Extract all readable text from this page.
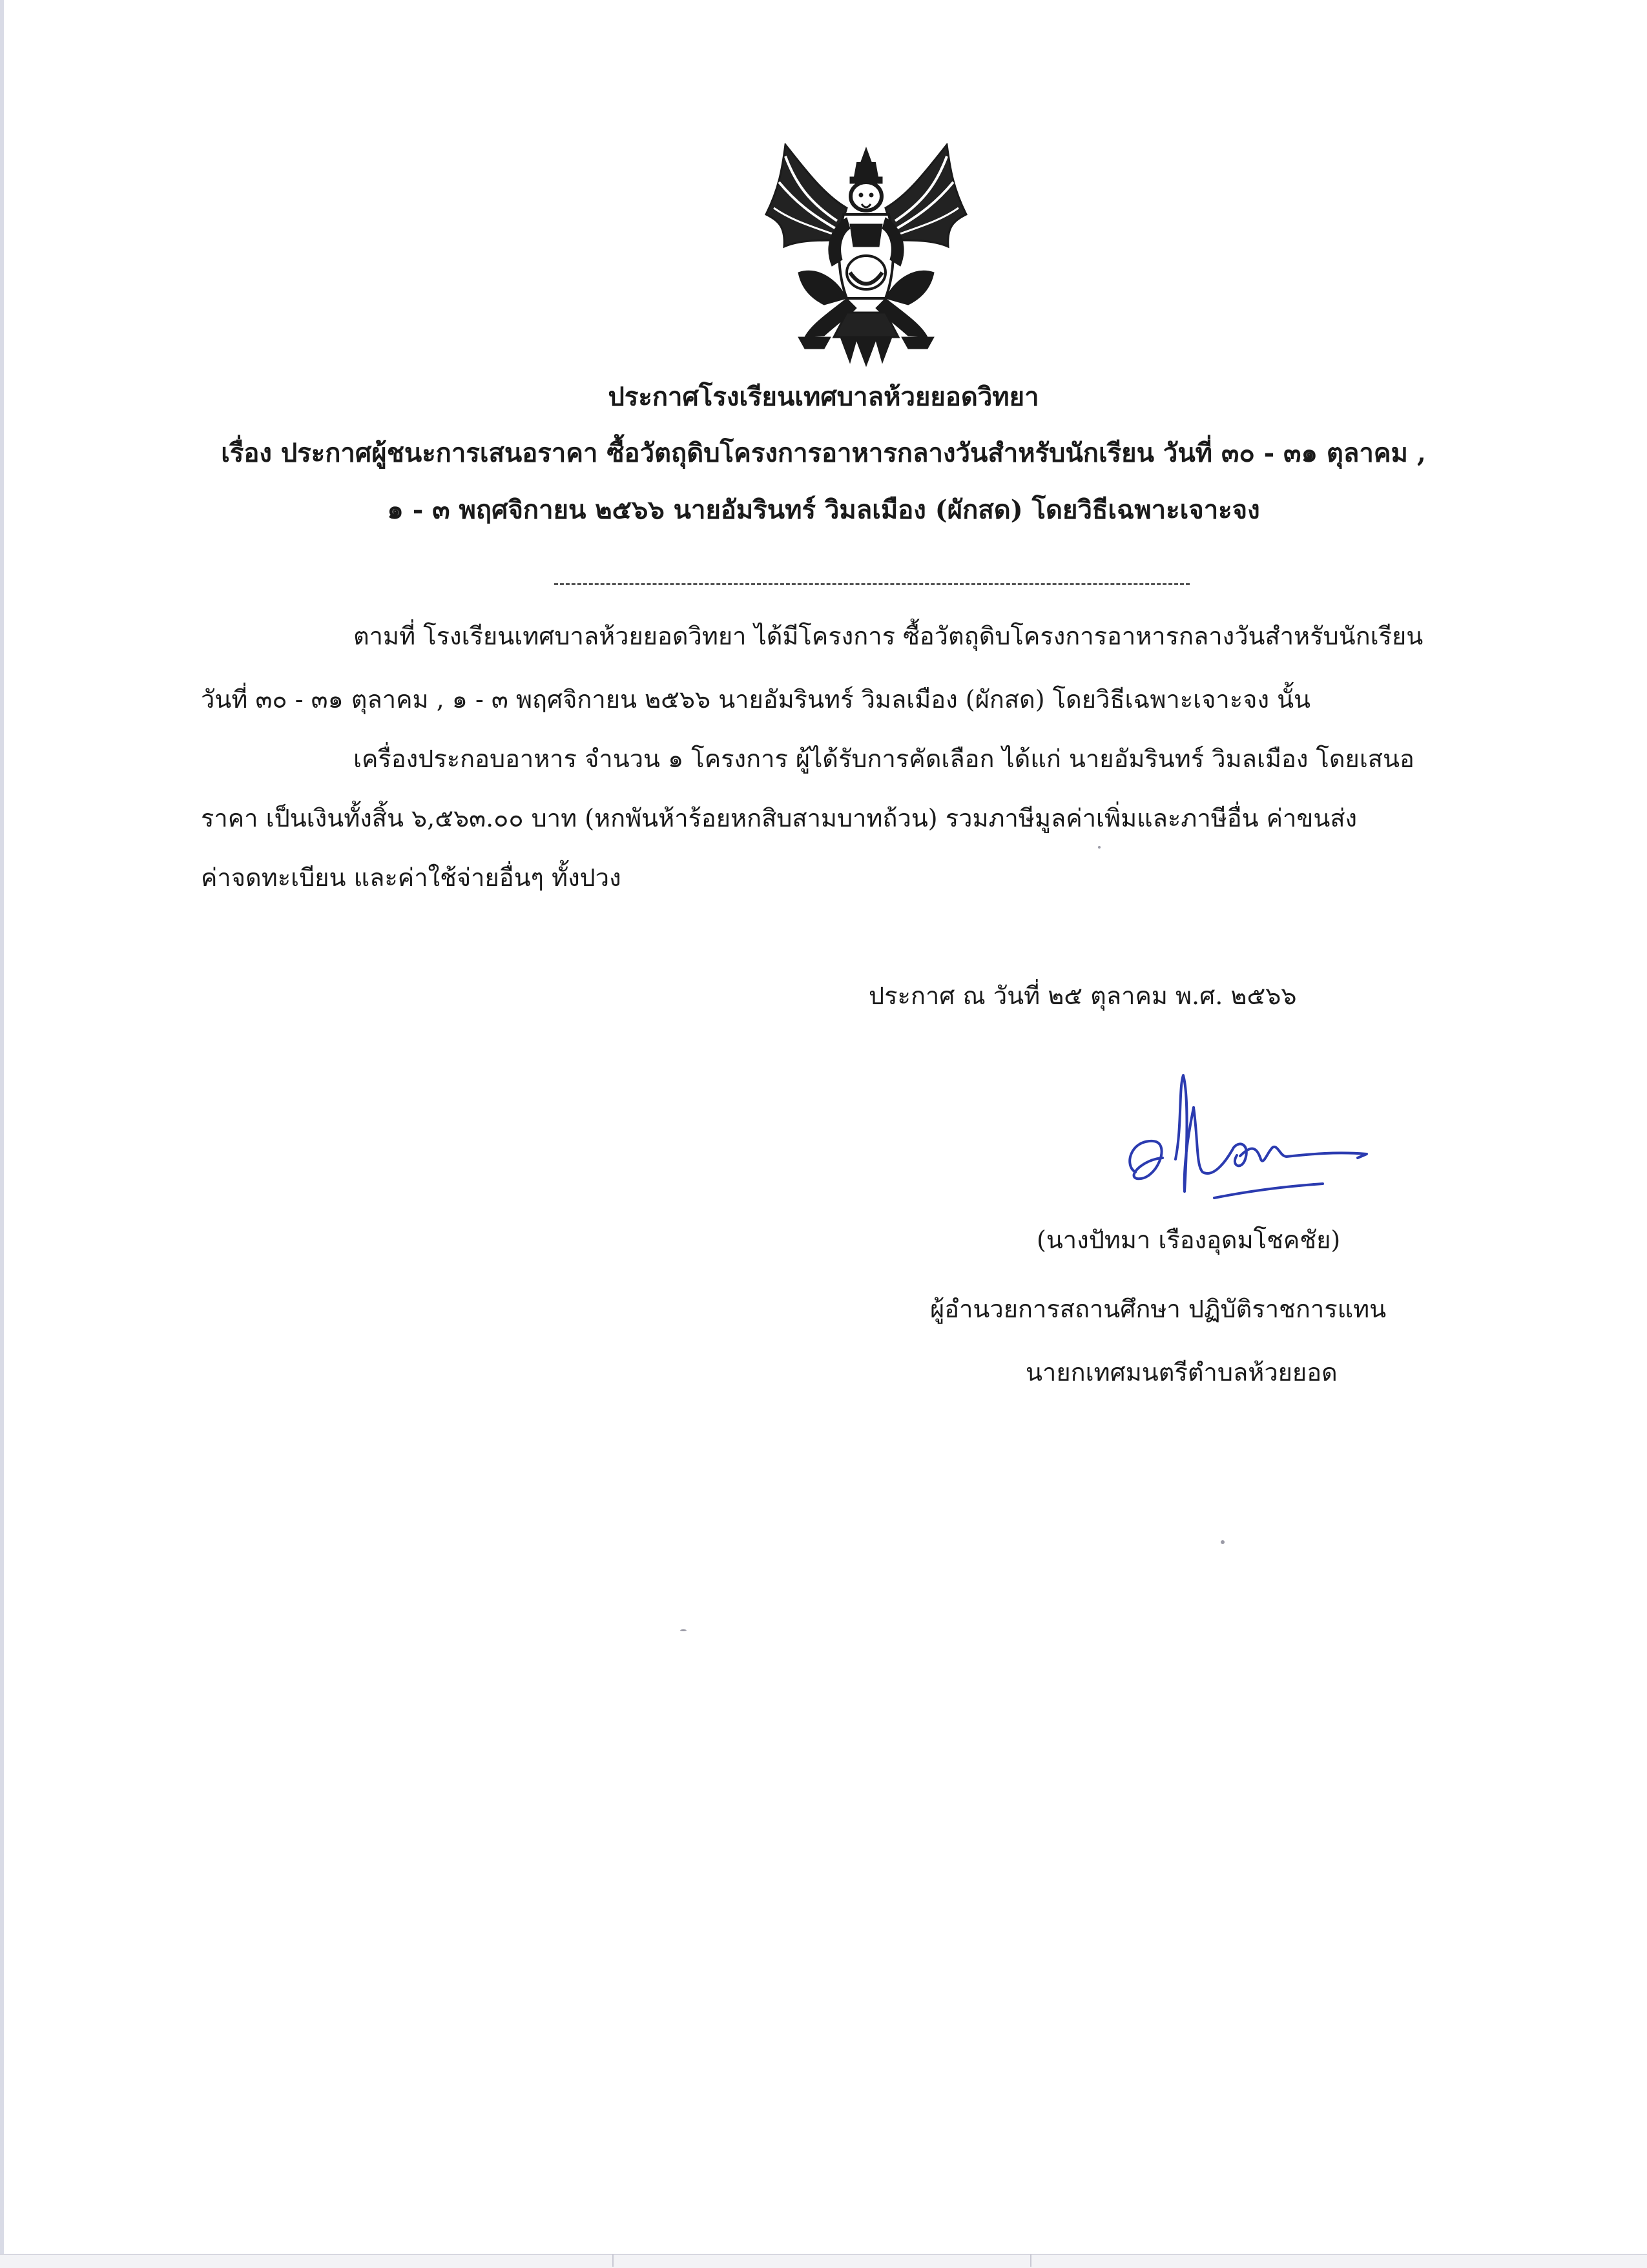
ประกาศโรงเรียนเทศบาลห้วยยอดวิทยา
เรื่อง ประกาศผู้ชนะการเสนอราคา ซื้อวัตถุดิบโครงการอาหารกลางวันสำหรับนักเรียน วันที่ ๓๐ - ๓๑ ตุลาคม ,
๑ - ๓ พฤศจิกายน ๒๕๖๖ นายอัมรินทร์ วิมลเมือง (ผักสด) โดยวิธีเฉพาะเจาะจง
ตามที่ โรงเรียนเทศบาลห้วยยอดวิทยา ได้มีโครงการ ซื้อวัตถุดิบโครงการอาหารกลางวันสำหรับนักเรียน
วันที่ ๓๐ - ๓๑ ตุลาคม , ๑ - ๓ พฤศจิกายน ๒๕๖๖ นายอัมรินทร์ วิมลเมือง (ผักสด) โดยวิธีเฉพาะเจาะจง นั้น
เครื่องประกอบอาหาร จำนวน ๑ โครงการ ผู้ได้รับการคัดเลือก ได้แก่ นายอัมรินทร์ วิมลเมือง โดยเสนอ
ราคา เป็นเงินทั้งสิ้น ๖,๕๖๓.๐๐ บาท (หกพันห้าร้อยหกสิบสามบาทถ้วน) รวมภาษีมูลค่าเพิ่มและภาษีอื่น ค่าขนส่ง
ค่าจดทะเบียน และค่าใช้จ่ายอื่นๆ ทั้งปวง
ประกาศ ณ วันที่ ๒๕ ตุลาคม พ.ศ. ๒๕๖๖
(นางปัทมา เรืองอุดมโชคชัย)
ผู้อำนวยการสถานศึกษา ปฏิบัติราชการแทน
นายกเทศมนตรีตำบลห้วยยอด
